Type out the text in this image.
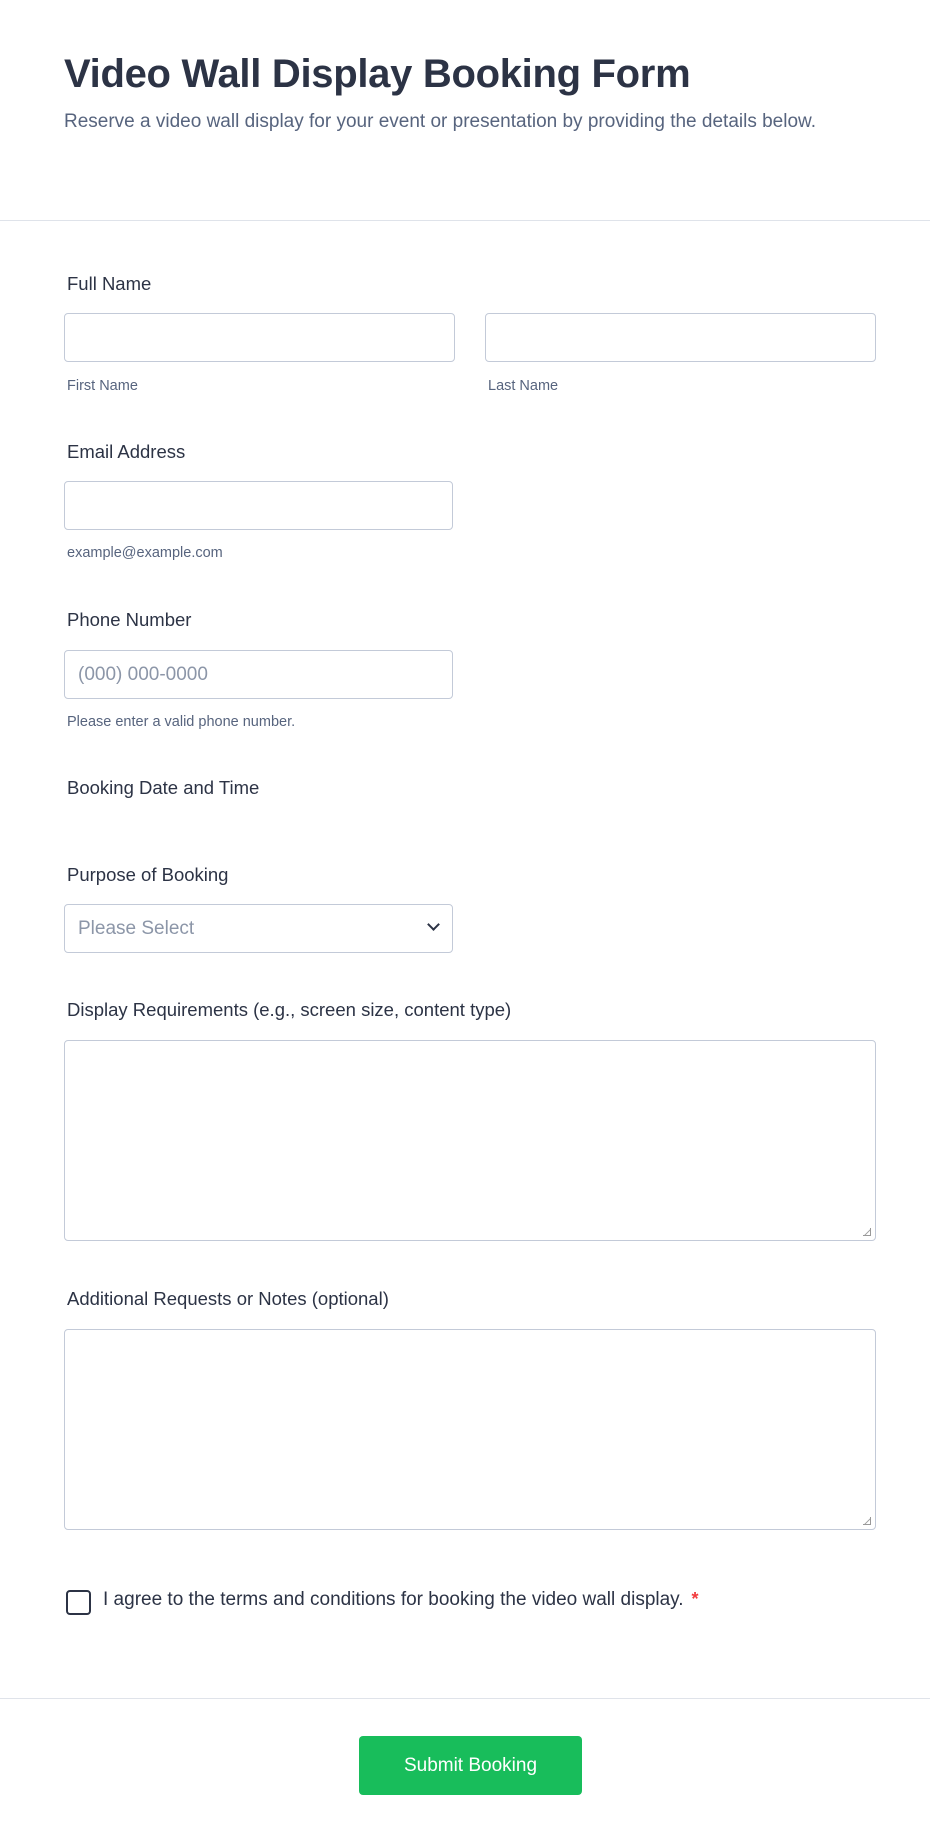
Video Wall Display Booking Form
Reserve a video wall display for your event or presentation by providing the details below.
Full Name
First Name	Last Name
Email Address
example@example.com
Phone Number
(000) 000-0000
Please enter a valid phone number.
Booking Date and Time
Purpose of Booking
Please Select
Display Requirements (e.g., screen size, content type)
Additional Requests or Notes (optional)
I agree to the terms and conditions for booking the video wall display. *
Submit Booking
